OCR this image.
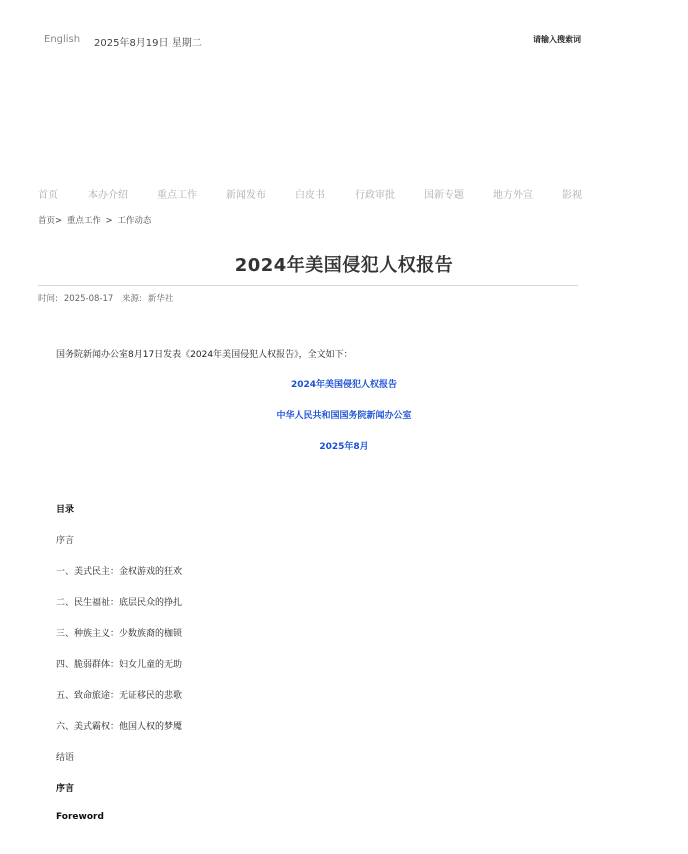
English 2025年8月19日 星期二	请输入搜索词
首页	本办介绍	重点工作	新闻发布	白皮书	行政审批	国新专题	地方外宣	影视
首页> 重点工作 > 工作动态
2024年美国侵犯人权报告
时间: 2025-08-17 来源: 新华社
国务院新闻办公室8月17日发表《2024年美国侵犯人权报告》，全文如下：
2024年美国侵犯人权报告
中华人民共和国国务院新闻办公室
2025年8月
目录
序言
一、美式民主：金权游戏的狂欢
二、民生福祉：底层民众的挣扎
三、种族主义：少数族裔的枷锁
四、脆弱群体：妇女儿童的无助
五、致命旅途：无证移民的悲歌
六、美式霸权：他国人权的梦魇
结语
序言
Foreword
